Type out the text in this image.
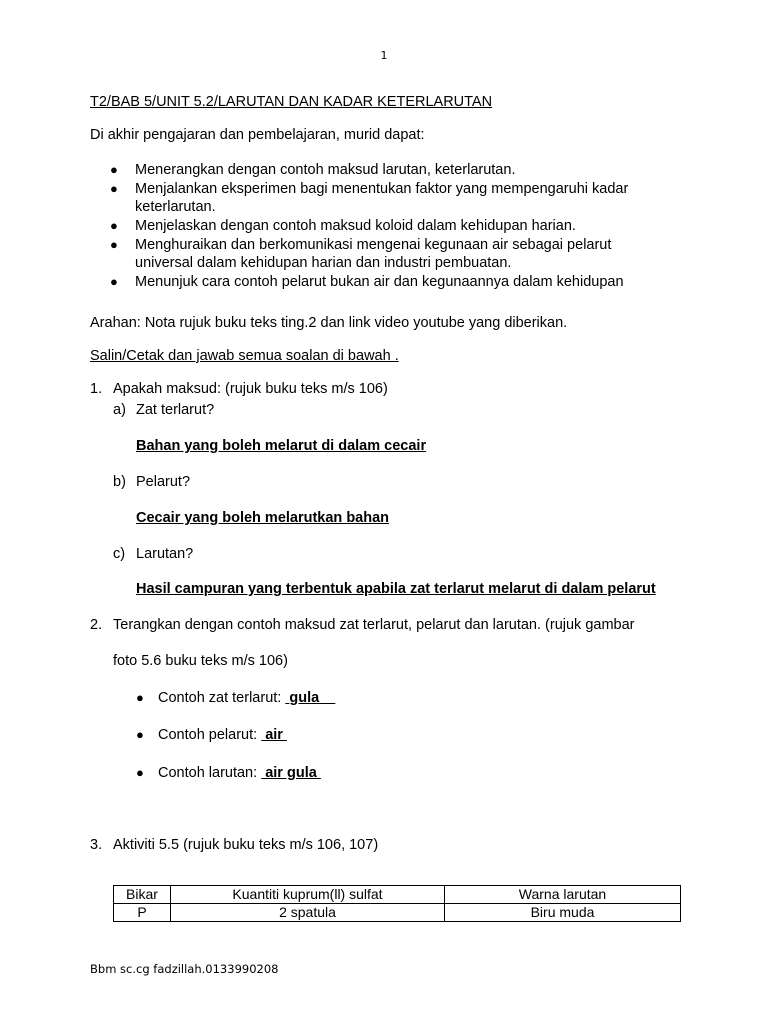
1
T2/BAB 5/UNIT 5.2/LARUTAN DAN KADAR KETERLARUTAN
Di akhir pengajaran dan pembelajaran, murid dapat:
● Menerangkan dengan contoh maksud larutan, keterlarutan.
● Menjalankan eksperimen bagi menentukan faktor yang mempengaruhi kadar
keterlarutan.
● Menjelaskan dengan contoh maksud koloid dalam kehidupan harian.
● Menghuraikan dan berkomunikasi mengenai kegunaan air sebagai pelarut
universal dalam kehidupan harian dan industri pembuatan.
● Menunjuk cara contoh pelarut bukan air dan kegunaannya dalam kehidupan
Arahan: Nota rujuk buku teks ting.2 dan link video youtube yang diberikan.
Salin/Cetak dan jawab semua soalan di bawah .
1. Apakah maksud: (rujuk buku teks m/s 106)
a) Zat terlarut?
Bahan yang boleh melarut di dalam cecair
b) Pelarut?
Cecair yang boleh melarutkan bahan
c) Larutan?
Hasil campuran yang terbentuk apabila zat terlarut melarut di dalam pelarut
2. Terangkan dengan contoh maksud zat terlarut, pelarut dan larutan. (rujuk gambar
foto 5.6 buku teks m/s 106)
● Contoh zat terlarut: gula
● Contoh pelarut: air
● Contoh larutan: air gula
3. Aktiviti 5.5 (rujuk buku teks m/s 106, 107)
Bikar	Kuantiti kuprum(ll) sulfat	Warna larutan
P	2 spatula	Biru muda
Bbm sc.cg fadzillah.0133990208
